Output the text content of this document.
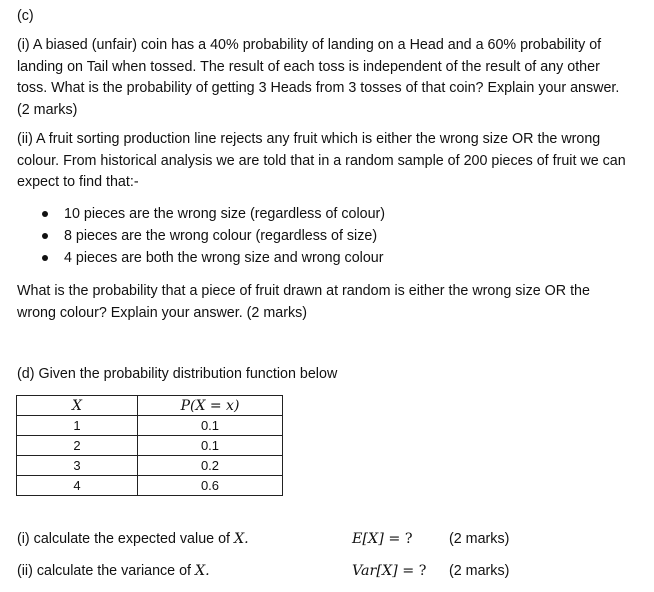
(c)
(i) A biased (unfair) coin has a 40% probability of landing on a Head and a 60% probability of landing on Tail when tossed. The result of each toss is independent of the result of any other toss. What is the probability of getting 3 Heads from 3 tosses of that coin? Explain your answer. (2 marks)
(ii) A fruit sorting production line rejects any fruit which is either the wrong size OR the wrong colour. From historical analysis we are told that in a random sample of 200 pieces of fruit we can expect to find that:-
10 pieces are the wrong size (regardless of colour)
8 pieces are the wrong colour (regardless of size)
4 pieces are both the wrong size and wrong colour
What is the probability that a piece of fruit drawn at random is either the wrong size OR the wrong colour? Explain your answer. (2 marks)
(d) Given the probability distribution function below
X	P(X = x)
1	0.1
2	0.1
3	0.2
4	0.6
(i) calculate the expected value of X.	E[X] = ?	(2 marks)
(ii) calculate the variance of X.	Var[X] = ? (2 marks)
